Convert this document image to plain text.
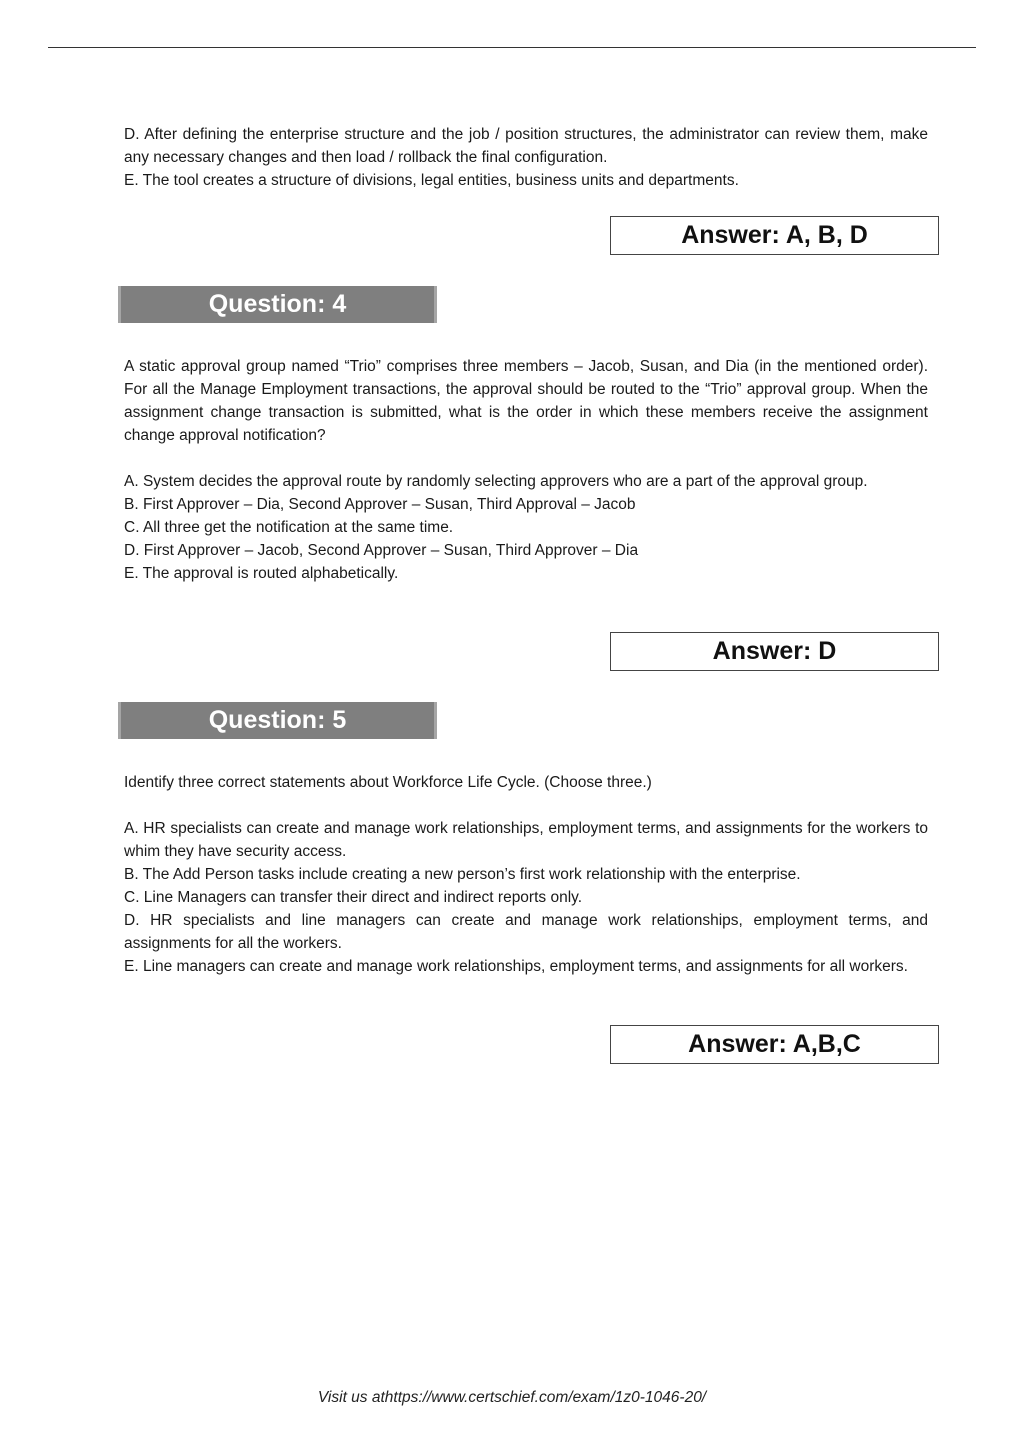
D. After defining the enterprise structure and the job / position structures, the administrator can review them, make any necessary changes and then load / rollback the final configuration.

E. The tool creates a structure of divisions, legal entities, business units and departments.

Answer: A, B, D
Question: 4

A static approval group named “Trio” comprises three members – Jacob, Susan, and Dia (in the mentioned order). For all the Manage Employment transactions, the approval should be routed to the “Trio” approval group. When the assignment change transaction is submitted, what is the order in which these members receive the assignment change approval notification?

A. System decides the approval route by randomly selecting approvers who are a part of the approval group.

B. First Approver – Dia, Second Approver – Susan, Third Approval – Jacob

C. All three get the notification at the same time.

D. First Approver – Jacob, Second Approver – Susan, Third Approver – Dia

E. The approval is routed alphabetically.

Answer: D
Question: 5

Identify three correct statements about Workforce Life Cycle. (Choose three.)

A. HR specialists can create and manage work relationships, employment terms, and assignments for the workers to whim they have security access.

B. The Add Person tasks include creating a new person’s first work relationship with the enterprise.

C. Line Managers can transfer their direct and indirect reports only.

D. HR specialists and line managers can create and manage work relationships, employment terms, and assignments for all the workers.

E. Line managers can create and manage work relationships, employment terms, and assignments for all workers.

Answer: A,B,C
Visit us athttps://www.certschief.com/exam/1z0-1046-20/
